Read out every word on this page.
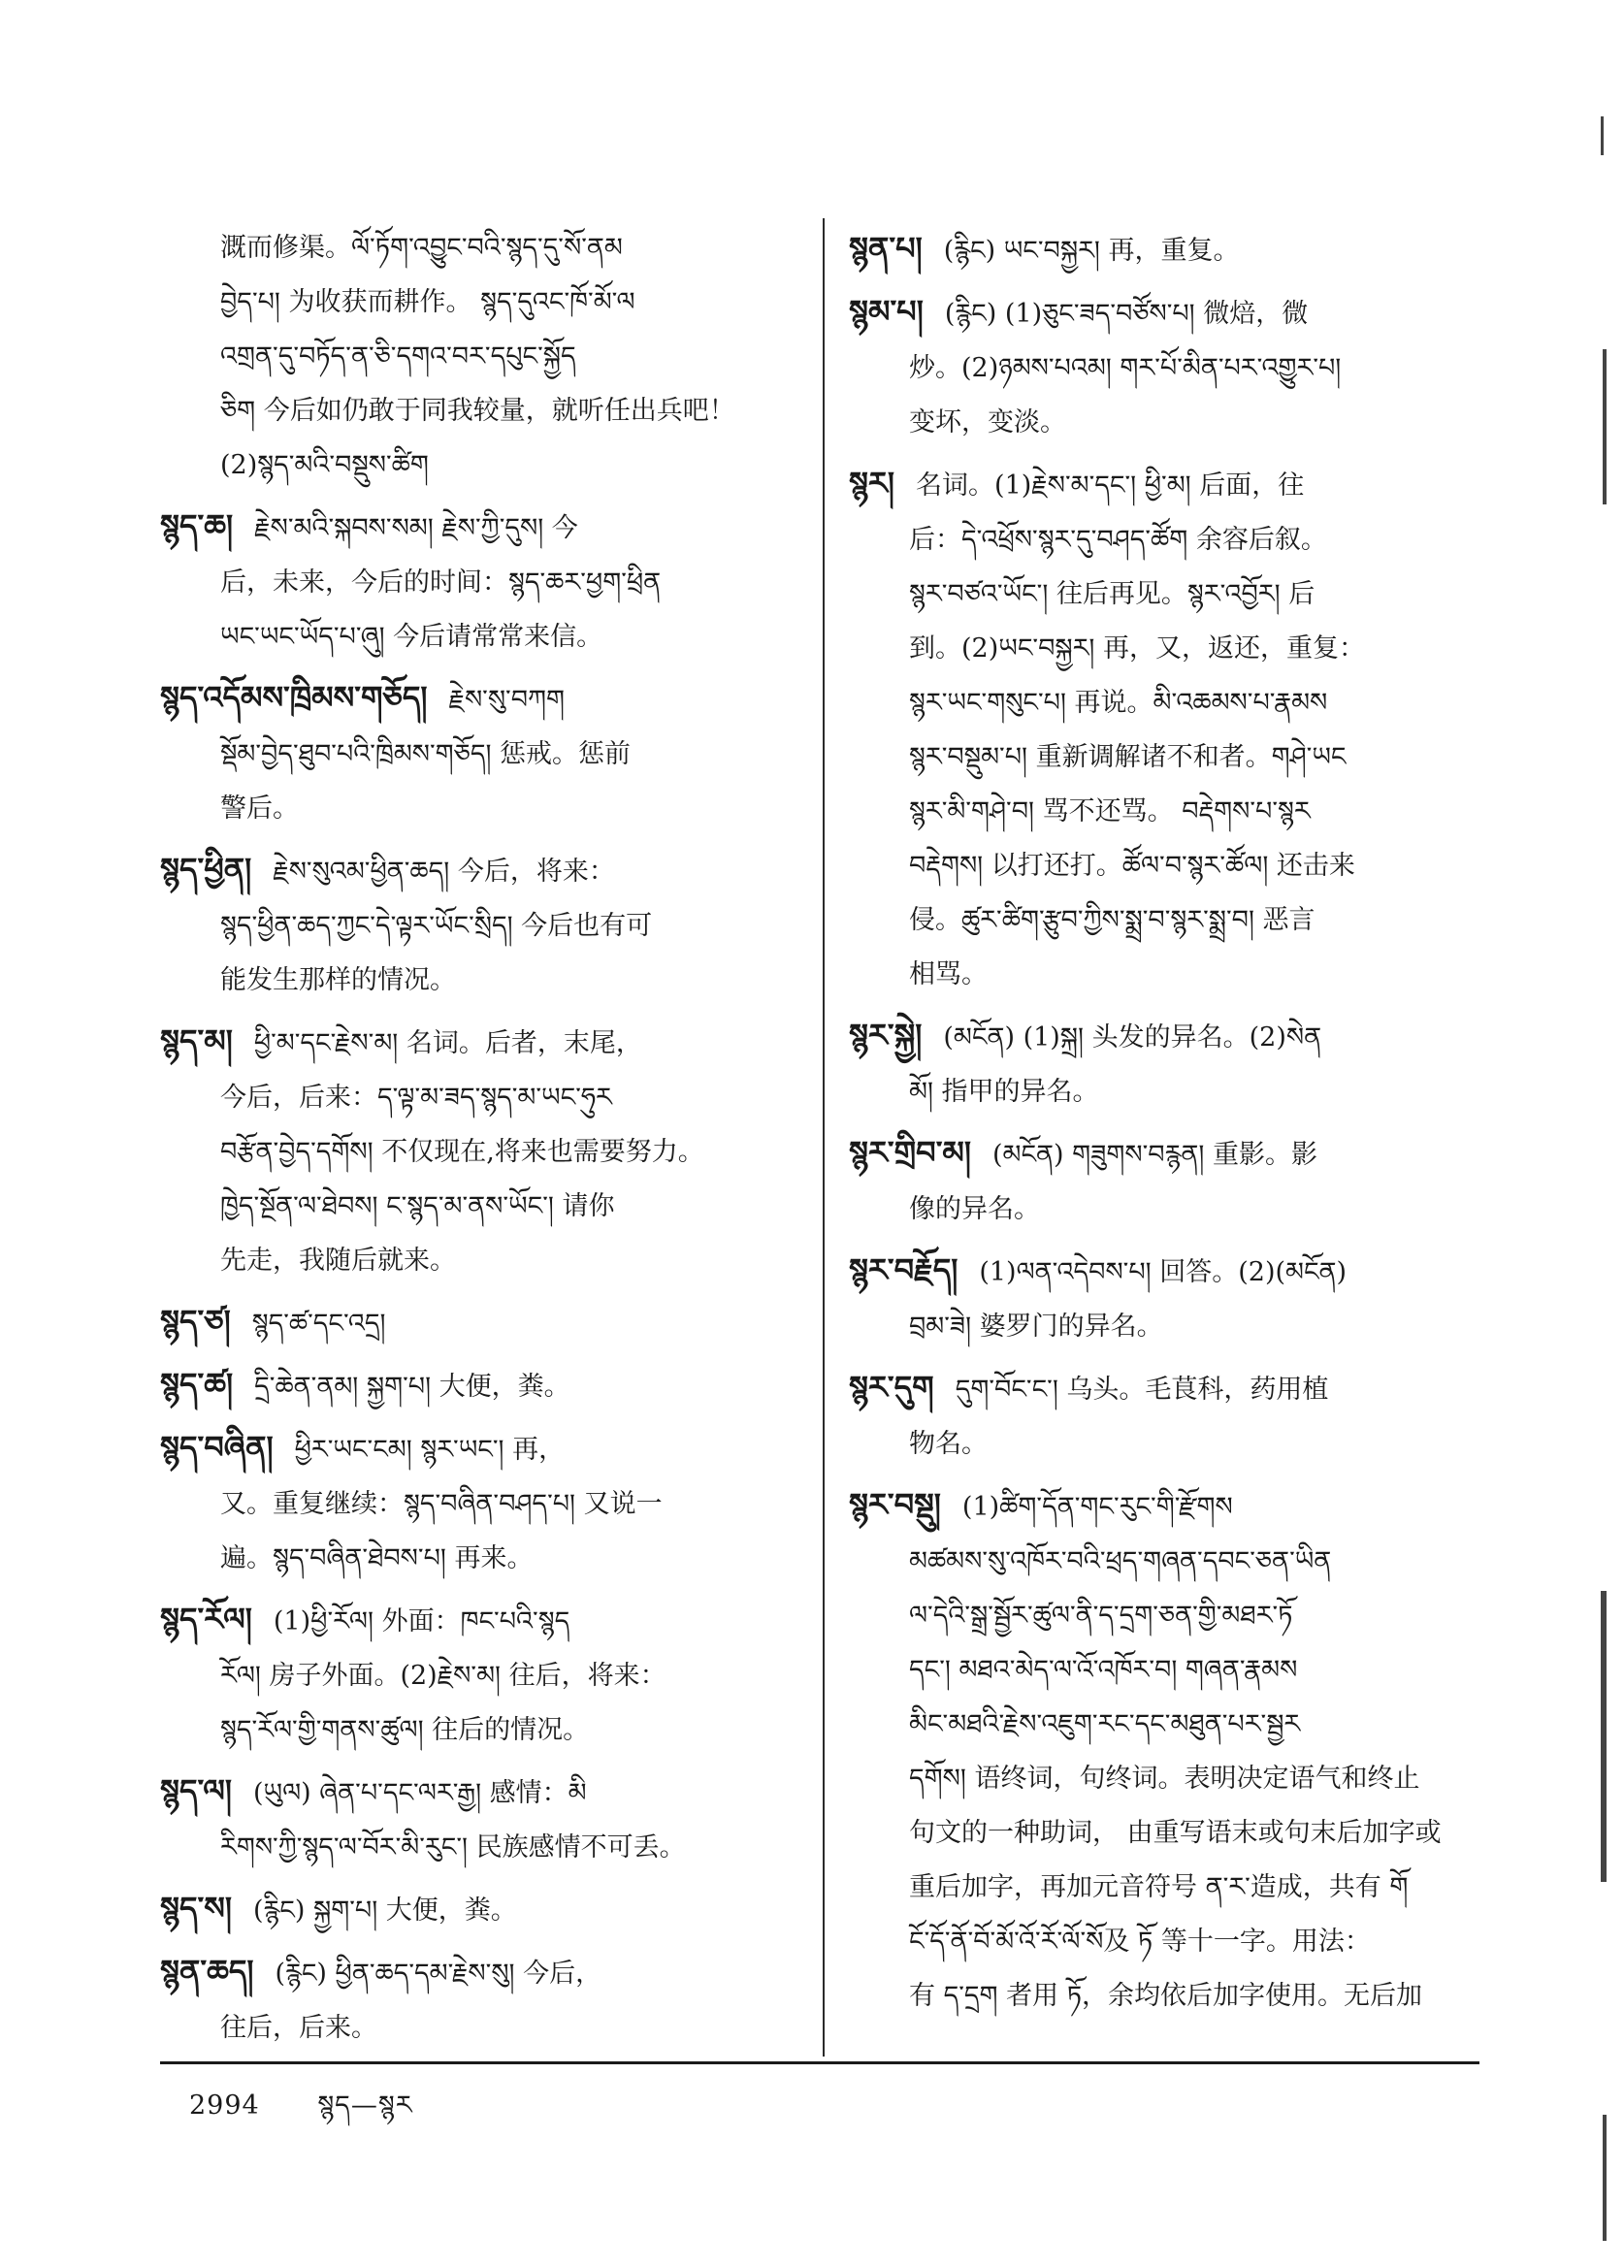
溉而修渠。ལོ་ཏོག་འབྱུང་བའི་སྙད་དུ་སོ་ནམ

བྱེད་པ། 为收获而耕作。 སྙད་དུའང་ཁོ་མོ་ལ

འགྲན་དུ་བཏོད་ན་ཅི་དགའ་བར་དཔུང་སྐྱོད

ཅིག 今后如仍敢于同我较量，就听任出兵吧！

(2)སྙད་མའི་བསྡུས་ཚིག

སྙད་ཆ། རྗེས་མའི་སྐབས་སམ། རྗེས་ཀྱི་དུས། 今

后，未来，今后的时间：སྙད་ཆར་ཕྱག་ཕྲིན

ཡང་ཡང་ཡོད་པ་ཞུ། 今后请常常来信。

སྙད་འདོམས་ཁྲིམས་གཅོད། རྗེས་སུ་བཀག

སྡོམ་བྱེད་ཐུབ་པའི་ཁྲིམས་གཅོད། 惩戒。惩前

警后。

སྙད་ཕྱིན། རྗེས་སུའམ་ཕྱིན་ཆད། 今后，将来：

སྙད་ཕྱིན་ཆད་ཀྱང་དེ་ལྟར་ཡོང་སྲིད། 今后也有可

能发生那样的情况。

སྙད་མ། ཕྱི་མ་དང་རྗེས་མ། 名词。后者，末尾，

今后，后来：ད་ལྟ་མ་ཟད་སྙད་མ་ཡང་ཧུར

བརྩོན་བྱེད་དགོས། 不仅现在,将来也需要努力。

ཁྱེད་སྔོན་ལ་ཐེབས། ང་སྙད་མ་ནས་ཡོང་། 请你

先走，我随后就来。

སྙད་ཙ། སྙད་ཚ་དང་འདྲ།

སྙད་ཚ། དྲི་ཆེན་ནམ། སྐྱག་པ། 大便，粪。

སྙད་བཞིན། ཕྱིར་ཡང་ངམ། སྙར་ཡང་། 再，

又。重复继续：སྙད་བཞིན་བཤད་པ། 又说一

遍。སྙད་བཞིན་ཐེབས་པ། 再来。

སྙད་རོལ། (1)ཕྱི་རོལ། 外面：ཁང་པའི་སྙད

རོལ། 房子外面。(2)རྗེས་མ། 往后，将来：

སྙད་རོལ་གྱི་གནས་ཚུལ། 往后的情况。

སྙད་ལ། (ཡུལ) ཞེན་པ་དང་ལར་རྒྱ། 感情：མི

རིགས་ཀྱི་སྙད་ལ་བོར་མི་རུང་། 民族感情不可丢。

སྙད་ས། (རྙིང) སྐྱག་པ། 大便，粪。

སྙན་ཆད། (རྙིང) ཕྱིན་ཆད་དམ་རྗེས་སུ། 今后，

往后，后来。

སྙན་པ། (རྙིང) ཡང་བསྐྱར། 再，重复。

སྙམ་པ། (རྙིང) (1)ཅུང་ཟད་བཙོས་པ། 微焙，微

炒。(2)ཉམས་པའམ། གར་པོ་མིན་པར་འགྱུར་པ།

变坏，变淡。

སྙར། 名词。(1)རྗེས་མ་དང་། ཕྱི་མ། 后面，往

后：དེ་འཕྲོས་སྙར་དུ་བཤད་ཚོག 余容后叙。

སྙར་བཙའ་ཡོང་། 往后再见。སྙར་འབྱོར། 后

到。(2)ཡང་བསྐྱར། 再，又，返还，重复：

སྙར་ཡང་གསུང་པ། 再说。མི་འཆམས་པ་རྣམས

སྙར་བསྡུམ་པ། 重新调解诸不和者。གཤེ་ཡང

སྙར་མི་གཤེ་བ། 骂不还骂。 བརྡེགས་པ་སྙར

བརྡེགས། 以打还打。ཚོལ་བ་སྙར་ཚོལ། 还击来

侵。ཚུར་ཚིག་རྩུབ་ཀྱིས་སྨྲ་བ་སྙར་སྨྲ་བ། 恶言

相骂。

སྙར་སྐྱེ། (མངོན) (1)སྐྲ། 头发的异名。(2)སེན

མོ། 指甲的异名。

སྙར་གྲིབ་མ། (མངོན) གཟུགས་བརྙན། 重影。影

像的异名。

སྙར་བརྗོད། (1)ལན་འདེབས་པ། 回答。(2)(མངོན)

བྲམ་ཟེ། 婆罗门的异名。

སྙར་དུག དུག་བོང་ང་། 乌头。毛茛科，药用植

物名。

སྙར་བསྡུ། (1)ཚིག་དོན་གང་རུང་གི་རྫོགས

མཚམས་སུ་འཁོར་བའི་ཕྲད་གཞན་དབང་ཅན་ཡིན

ལ་དེའི་སྒྲ་སྦྱོར་ཚུལ་ནི་ད་དྲག་ཅན་གྱི་མཐར་ཏོ

དང་། མཐའ་མེད་ལ་འོ་འཁོར་བ། གཞན་རྣམས

མིང་མཐའི་རྗེས་འཇུག་རང་དང་མཐུན་པར་སྦྱར

དགོས། 语终词，句终词。表明决定语气和终止

句文的一种助词， 由重写语末或句末后加字或

重后加字，再加元音符号 ན་ར་造成，共有 གོ

ངོ་དོ་ནོ་བོ་མོ་འོ་རོ་ལོ་སོ及 ཏོ 等十一字。用法：

有 ད་དྲག 者用 ཏོ，余均依后加字使用。无后加

2994 སྙད—སྙར
